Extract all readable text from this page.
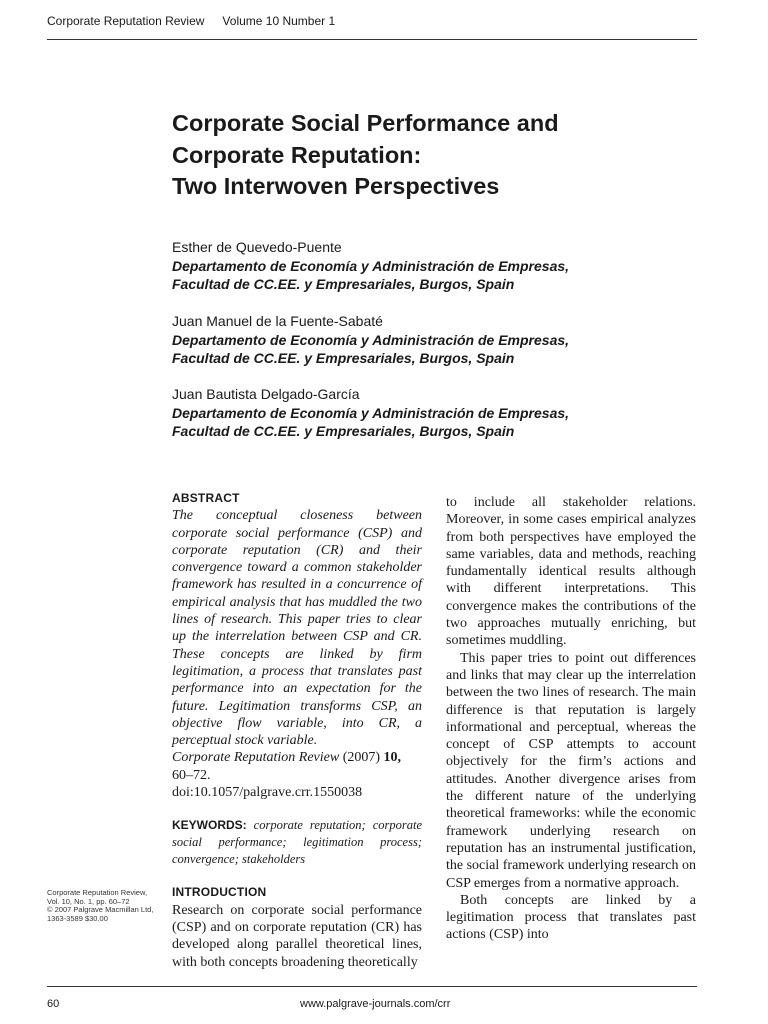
Corporate Reputation Review Volume 10 Number 1
Corporate Social Performance and
Corporate Reputation:
Two Interwoven Perspectives
Esther de Quevedo-Puente
Departamento de Economía y Administración de Empresas,
Facultad de CC.EE. y Empresariales, Burgos, Spain
Juan Manuel de la Fuente-Sabaté
Departamento de Economía y Administración de Empresas,
Facultad de CC.EE. y Empresariales, Burgos, Spain
Juan Bautista Delgado-García
Departamento de Economía y Administración de Empresas,
Facultad de CC.EE. y Empresariales, Burgos, Spain
ABSTRACT

The conceptual closeness between corporate social performance (CSP) and corporate reputation (CR) and their convergence toward a common stakeholder framework has resulted in a concurrence of empirical analysis that has muddled the two lines of research. This paper tries to clear up the interrelation between CSP and CR. These concepts are linked by firm legitimation, a process that translates past performance into an expectation for the future. Legitimation transforms CSP, an objective flow variable, into CR, a perceptual stock variable.

Corporate Reputation Review (2007) 10, 60–72.

doi:10.1057/palgrave.crr.1550038

KEYWORDS: corporate reputation; corporate social performance; legitimation process; convergence; stakeholders

INTRODUCTION

Research on corporate social performance (CSP) and on corporate reputation (CR) has developed along parallel theoretical lines, with both concepts broadening theoretically

to include all stakeholder relations. Moreover, in some cases empirical analyzes from both perspectives have employed the same variables, data and methods, reaching fundamentally identical results although with different interpretations. This convergence makes the contributions of the two approaches mutually enriching, but sometimes muddling.

This paper tries to point out differences and links that may clear up the interrelation between the two lines of research. The main difference is that reputation is largely informational and perceptual, whereas the concept of CSP attempts to account objectively for the firm’s actions and attitudes. Another divergence arises from the different nature of the underlying theoretical frameworks: while the economic framework underlying research on reputation has an instrumental justification, the social framework underlying research on CSP emerges from a normative approach.

Both concepts are linked by a legitimation process that translates past actions (CSP) into

Corporate Reputation Review,
Vol. 10, No. 1, pp. 60–72
© 2007 Palgrave Macmillan Ltd,
1363-3589 $30.00
60	www.palgrave-journals.com/crr
